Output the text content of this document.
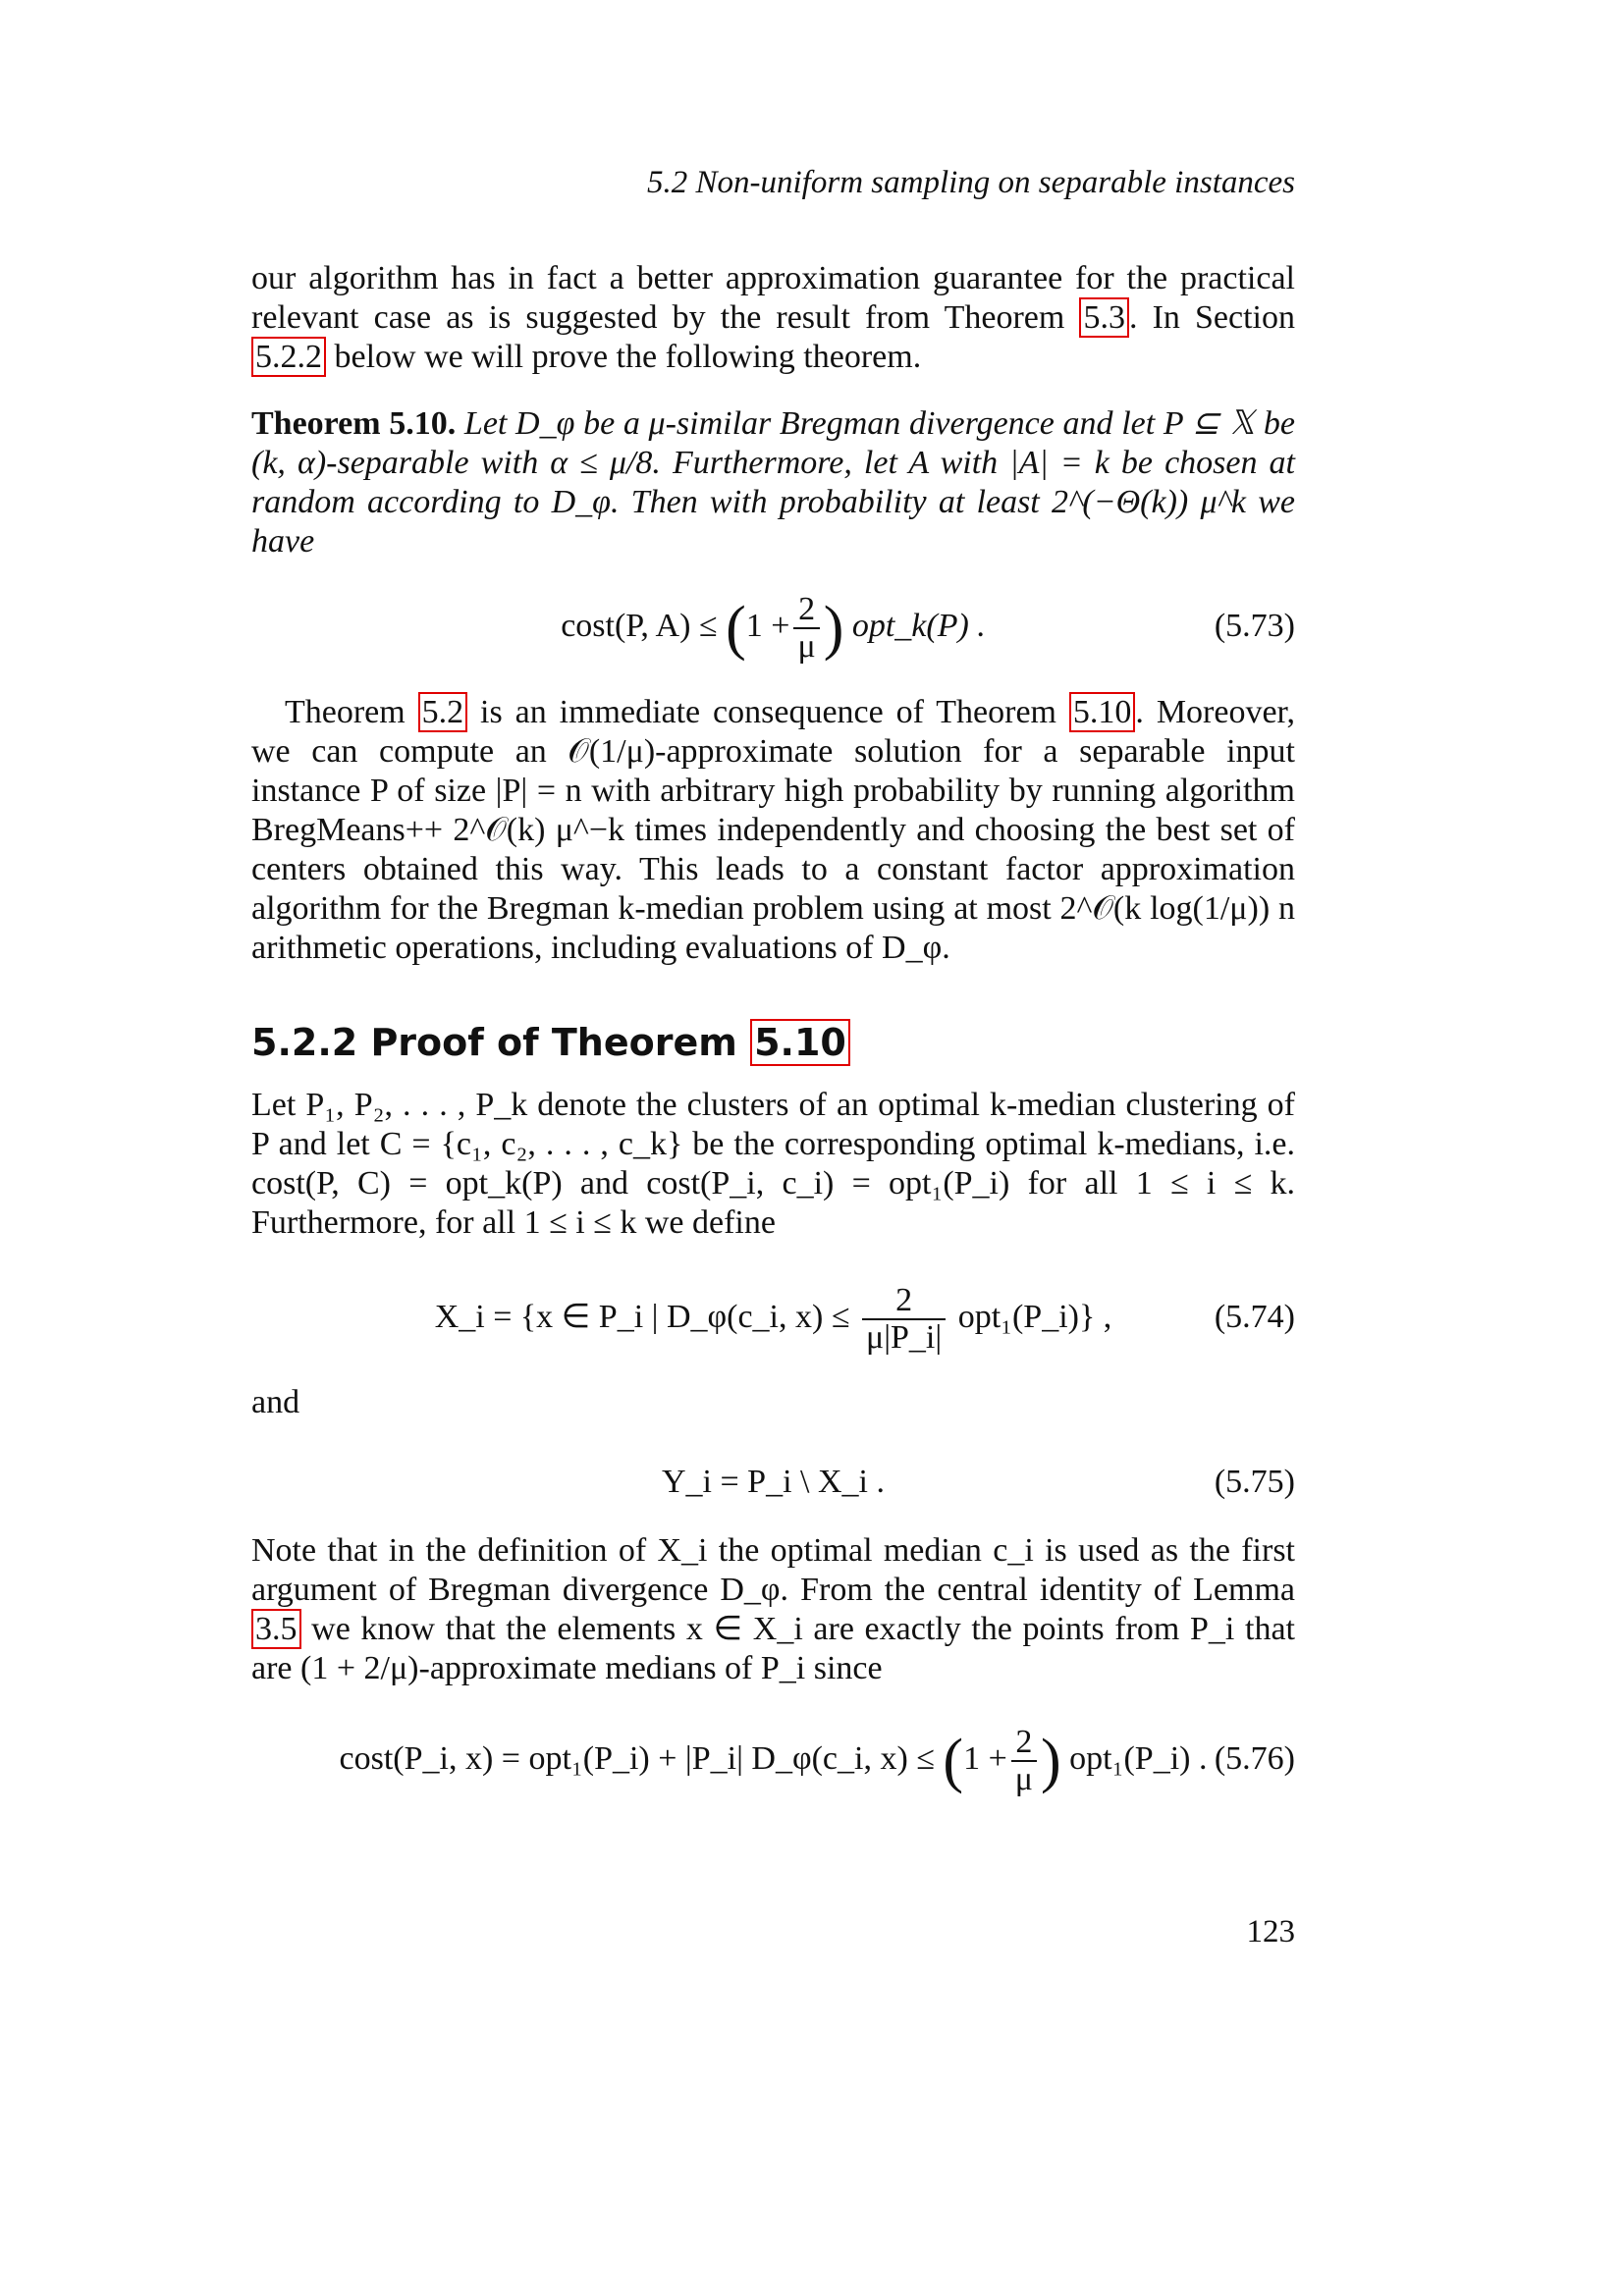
5.2 Non-uniform sampling on separable instances
our algorithm has in fact a better approximation guarantee for the practical relevant case as is suggested by the result from Theorem 5.3 . In Section 5.2.2 below we will prove the following theorem.
Theorem 5.10. Let D_φ be a μ-similar Bregman divergence and let P ⊆ 𝕏 be (k, α)-separable with α ≤ μ/8. Furthermore, let A with |A| = k be chosen at random according to D_φ. Then with probability at least 2^(−Θ(k)) μ^k we have
cost(P, $A) \le (1 + \frac{2}{\mu}$ ) opt_k(P) .	(5.73)
Theorem 5.2 is an immediate consequence of Theorem 5.10 . Moreover, we can compute an 𝒪(1/μ)-approximate solution for a separable input instance P of size |P| = n with arbitrary high probability by running algorithm BregMeans++ 2^𝒪(k) μ^−k times independently and choosing the best set of centers obtained this way. This leads to a constant factor approximation algorithm for the Bregman k-median problem using at most 2^𝒪(k log(1/μ)) n arithmetic operations, including evaluations of D_φ.
5.2.2 Proof of Theorem 5.10
Let P₁, P₂, . . . , P_k denote the clusters of an optimal k-median clustering of P and let C = {c₁, c₂, . . . , c_k} be the corresponding optimal k-medians, i.e. cost(P, C) = opt_k(P) and cost(P_i, c_i) = opt₁(P_i) for all 1 ≤ i ≤ k. Furthermore, for all 1 ≤ i ≤ k we define
X_i = {x ∈ P_i | D_φ(c_i, $x) \le \frac{2}{\mu|P\_i|}$ opt₁(P_i)} ,	(5.74)
and
Y_i = P_i \ X_i .	(5.75)
Note that in the definition of X_i the optimal median c_i is used as the first argument of Bregman divergence D_φ. From the central identity of Lemma 3.5 we know that the elements x ∈ X_i are exactly the points from P_i that are (1 + 2/μ)-approximate medians of P_i since
cost(P_i, x) = opt₁(P_i) + |P_i| D_φ(c_i, $x) \le (1 + \frac{2}{\mu}$ ) opt₁(P_i) . (5.76)
123
